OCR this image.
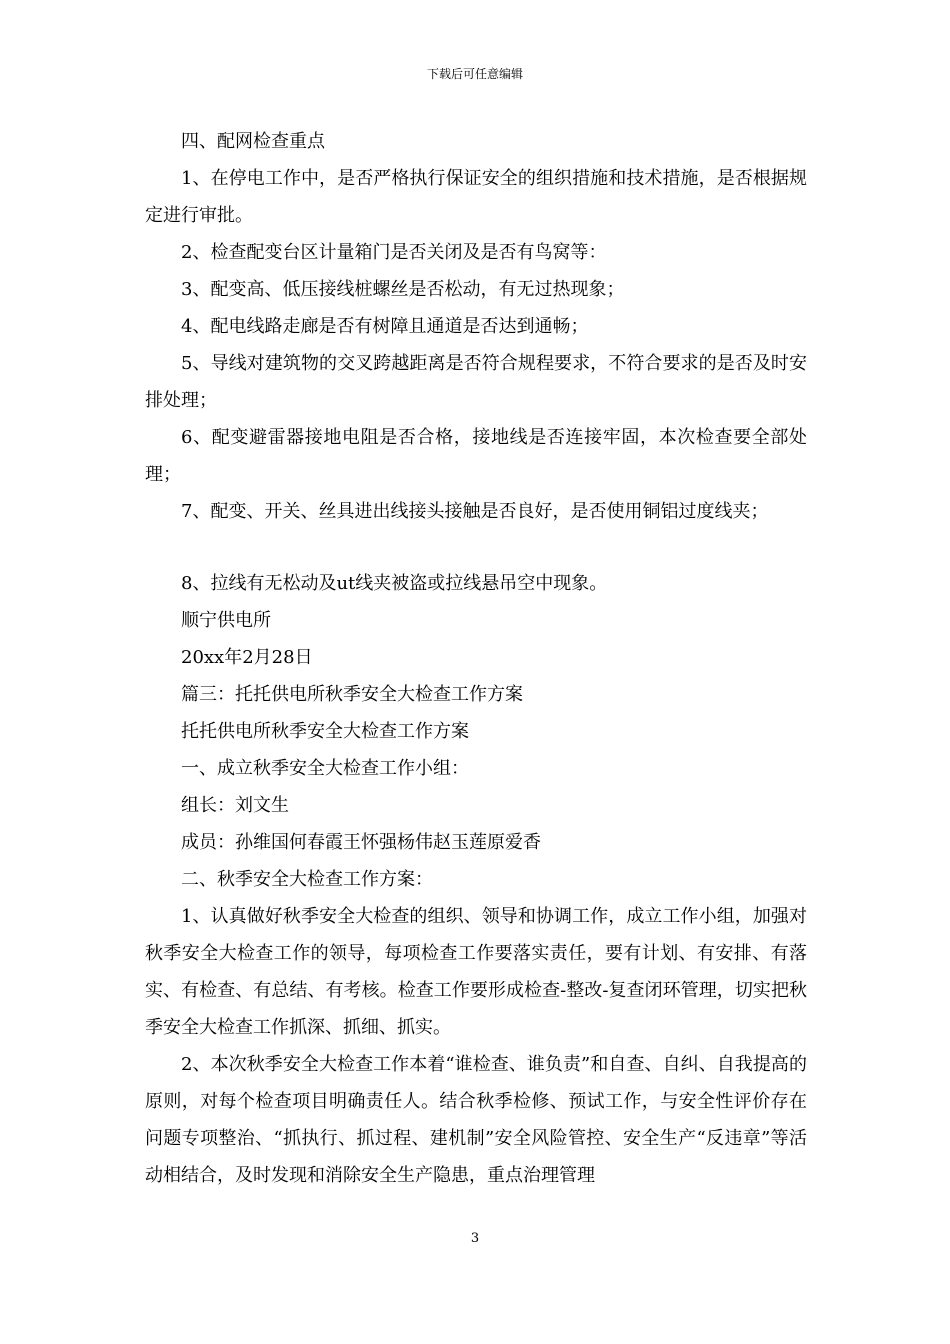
下载后可任意编辑

四、配网检查重点

1、在停电工作中，是否严格执行保证安全的组织措施和技术措施，是否根据规定进行审批。

2、检查配变台区计量箱门是否关闭及是否有鸟窝等：

3、配变高、低压接线桩螺丝是否松动，有无过热现象；

4、配电线路走廊是否有树障且通道是否达到通畅；

5、导线对建筑物的交叉跨越距离是否符合规程要求，不符合要求的是否及时安排处理；

6、配变避雷器接地电阻是否合格，接地线是否连接牢固，本次检查要全部处理；

7、配变、开关、丝具进出线接头接触是否良好，是否使用铜铝过度线夹；

8、拉线有无松动及ut线夹被盗或拉线悬吊空中现象。

顺宁供电所

20xx年2月28日

篇三：托托供电所秋季安全大检查工作方案

托托供电所秋季安全大检查工作方案

一、成立秋季安全大检查工作小组：

组长：刘文生

成员：孙维国何春霞王怀强杨伟赵玉莲原爱香

二、秋季安全大检查工作方案：

1、认真做好秋季安全大检查的组织、领导和协调工作，成立工作小组，加强对秋季安全大检查工作的领导，每项检查工作要落实责任，要有计划、有安排、有落实、有检查、有总结、有考核。检查工作要形成检查-整改-复查闭环管理，切实把秋季安全大检查工作抓深、抓细、抓实。

2、本次秋季安全大检查工作本着“谁检查、谁负责”和自查、自纠、自我提高的原则，对每个检查项目明确责任人。结合秋季检修、预试工作，与安全性评价存在问题专项整治、“抓执行、抓过程、建机制”安全风险管控、安全生产“反违章”等活动相结合，及时发现和消除安全生产隐患，重点治理管理

3
